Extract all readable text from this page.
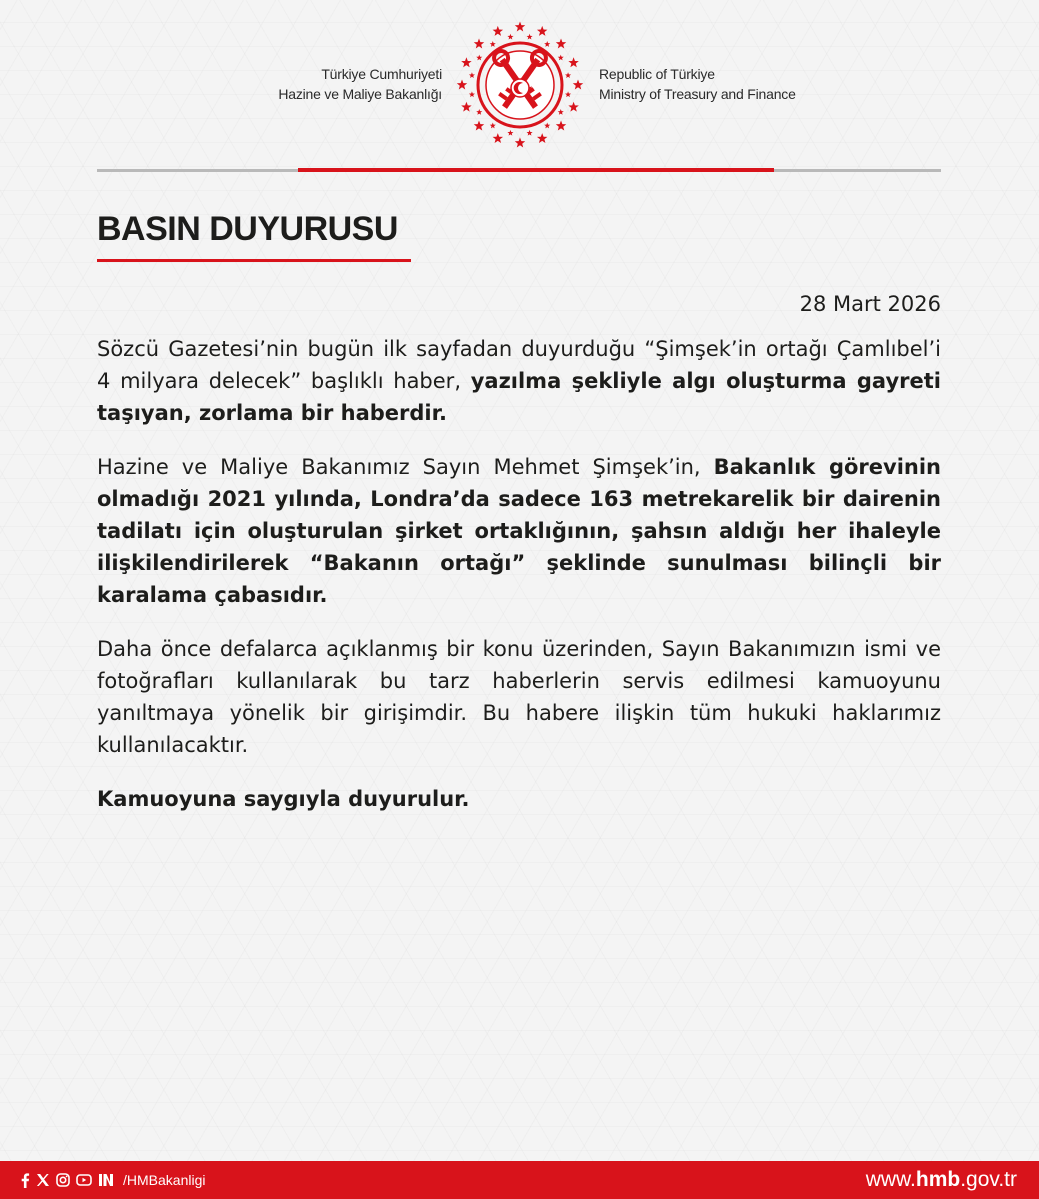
Türkiye Cumhuriyeti
Hazine ve Maliye Bakanlığı
Republic of Türkiye
Ministry of Treasury and Finance
BASIN DUYURUSU
28 Mart 2026

Sözcü Gazetesi’nin bugün ilk sayfadan duyurduğu “Şimşek’in ortağı Çamlıbel’i 4 milyara delecek” başlıklı haber, yazılma şekliyle algı oluşturma gayreti taşıyan, zorlama bir haberdir.

Hazine ve Maliye Bakanımız Sayın Mehmet Şimşek’in, Bakanlık görevinin olmadığı 2021 yılında, Londra’da sadece 163 metrekarelik bir dairenin tadilatı için oluşturulan şirket ortaklığının, şahsın aldığı her ihaleyle ilişkilendirilerek “Bakanın ortağı” şeklinde sunulması bilinçli bir karalama çabasıdır.

Daha önce defalarca açıklanmış bir konu üzerinden, Sayın Bakanımızın ismi ve fotoğrafları kullanılarak bu tarz haberlerin servis edilmesi kamuoyunu yanıltmaya yönelik bir girişimdir. Bu habere ilişkin tüm hukuki haklarımız kullanılacaktır.

Kamuoyuna saygıyla duyurulur.

/HMBakanligi	www.hmb.gov.tr
